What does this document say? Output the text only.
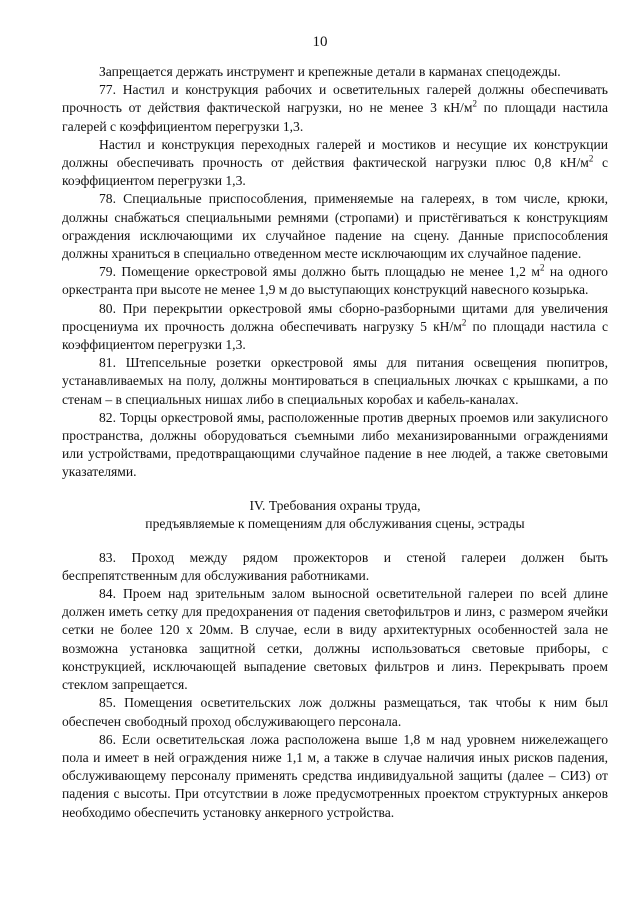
10

Запрещается держать инструмент и крепежные детали в карманах спецодежды.

77. Настил и конструкция рабочих и осветительных галерей должны обеспечивать прочность от действия фактической нагрузки, но не менее 3 $кН/м^2$ по площади настила галерей с коэффициентом перегрузки 1,3.

Настил и конструкция переходных галерей и мостиков и несущие их конструкции должны обеспечивать прочность от действия фактической нагрузки плюс 0,8 $кН/м^2$ с коэффициентом перегрузки 1,3.

78. Специальные приспособления, применяемые на галереях, в том числе, крюки, должны снабжаться специальными ремнями (стропами) и пристёгиваться к конструкциям ограждения исключающими их случайное падение на сцену. Данные приспособления должны храниться в специально отведенном месте исключающим их случайное падение.

79. Помещение оркестровой ямы должно быть площадью не менее 1,2 $м^2$ на одного оркестранта при высоте не менее 1,9 м до выступающих конструкций навесного козырька.

80. При перекрытии оркестровой ямы сборно-разборными щитами для увеличения просцениума их прочность должна обеспечивать нагрузку 5 $кН/м^2$ по площади настила с коэффициентом перегрузки 1,3.

81. Штепсельные розетки оркестровой ямы для питания освещения пюпитров, устанавливаемых на полу, должны монтироваться в специальных лючках с крышками, а по стенам – в специальных нишах либо в специальных коробах и кабель-каналах.

82. Торцы оркестровой ямы, расположенные против дверных проемов или закулисного пространства, должны оборудоваться съемными либо механизированными ограждениями или устройствами, предотвращающими случайное падение в нее людей, а также световыми указателями.

IV. Требования охраны труда,
предъявляемые к помещениям для обслуживания сцены, эстрады

83. Проход между рядом прожекторов и стеной галереи должен быть беспрепятственным для обслуживания работниками.

84. Проем над зрительным залом выносной осветительной галереи по всей длине должен иметь сетку для предохранения от падения светофильтров и линз, с размером ячейки сетки не более 120 х 20мм. В случае, если в виду архитектурных особенностей зала не возможна установка защитной сетки, должны использоваться световые приборы, с конструкцией, исключающей выпадение световых фильтров и линз. Перекрывать проем стеклом запрещается.

85. Помещения осветительских лож должны размещаться, так чтобы к ним был обеспечен свободный проход обслуживающего персонала.

86. Если осветительская ложа расположена выше 1,8 м над уровнем нижележащего пола и имеет в ней ограждения ниже 1,1 м, а также в случае наличия иных рисков падения, обслуживающему персоналу применять средства индивидуальной защиты (далее – СИЗ) от падения с высоты. При отсутствии в ложе предусмотренных проектом структурных анкеров необходимо обеспечить установку анкерного устройства.
